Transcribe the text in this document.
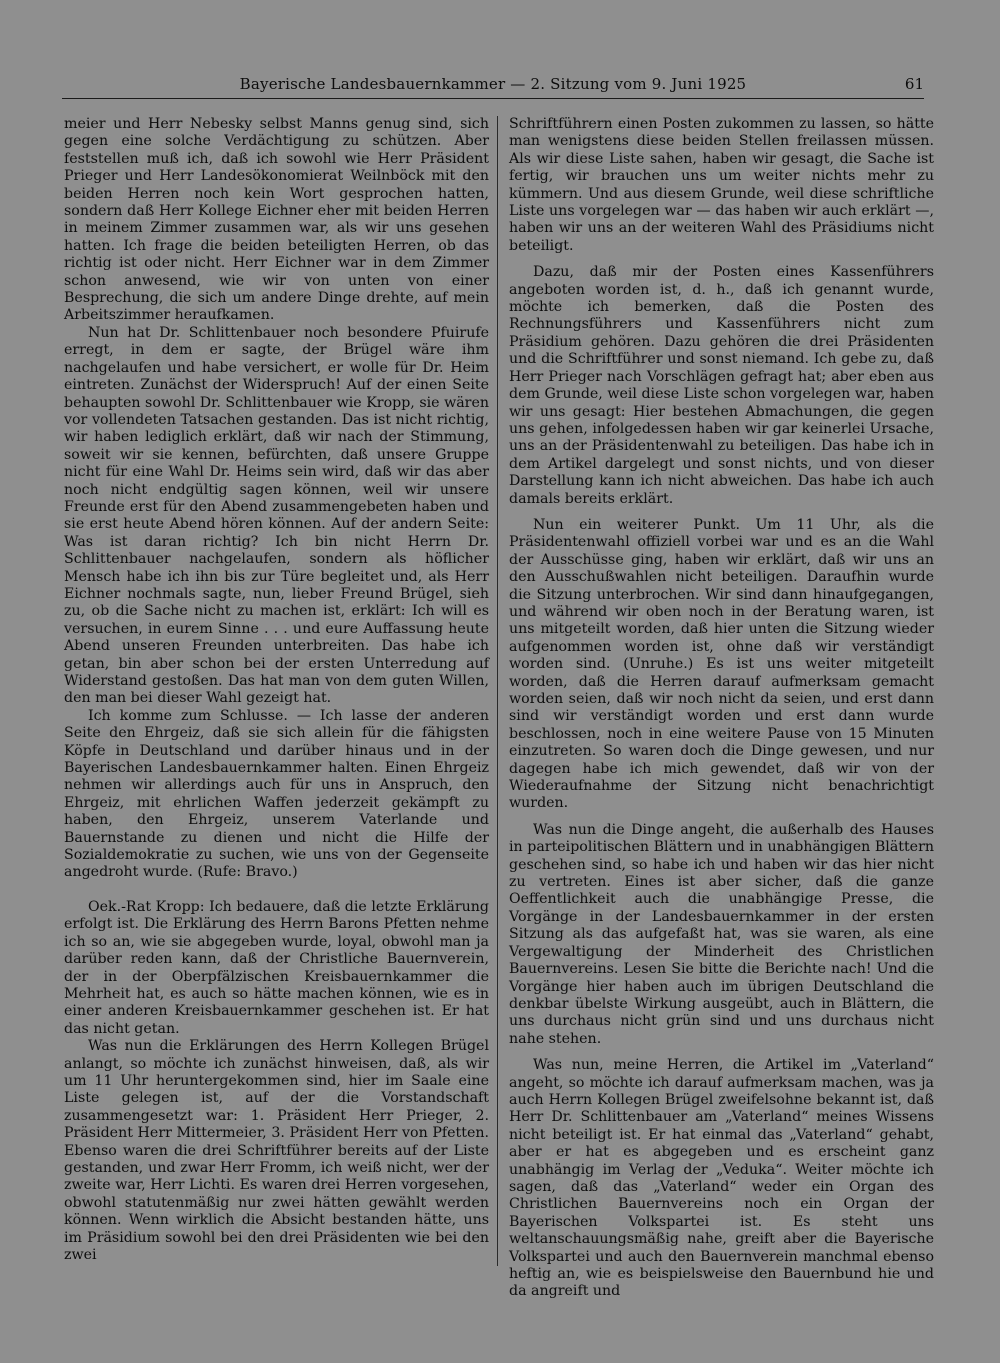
Bayerische Landesbauernkammer — 2. Sitzung vom 9. Juni 1925	61

meier und Herr Nebesky selbst Manns genug sind, sich gegen eine solche Verdächtigung zu schützen. Aber feststellen muß ich, daß ich sowohl wie Herr Präsident Prieger und Herr Landesökonomierat Weilnböck mit den beiden Herren noch kein Wort gesprochen hatten, sondern daß Herr Kollege Eichner eher mit beiden Herren in meinem Zimmer zusammen war, als wir uns gesehen hatten. Ich frage die beiden beteiligten Herren, ob das richtig ist oder nicht. Herr Eichner war in dem Zimmer schon anwesend, wie wir von unten von einer Besprechung, die sich um andere Dinge drehte, auf mein Arbeitszimmer heraufkamen.

Nun hat Dr. Schlittenbauer noch besondere Pfuirufe erregt, in dem er sagte, der Brügel wäre ihm nachgelaufen und habe versichert, er wolle für Dr. Heim eintreten. Zunächst der Widerspruch! Auf der einen Seite behaupten sowohl Dr. Schlittenbauer wie Kropp, sie wären vor vollendeten Tatsachen gestanden. Das ist nicht richtig, wir haben lediglich erklärt, daß wir nach der Stimmung, soweit wir sie kennen, befürchten, daß unsere Gruppe nicht für eine Wahl Dr. Heims sein wird, daß wir das aber noch nicht endgültig sagen können, weil wir unsere Freunde erst für den Abend zusammengebeten haben und sie erst heute Abend hören können. Auf der andern Seite: Was ist daran richtig? Ich bin nicht Herrn Dr. Schlittenbauer nachgelaufen, sondern als höflicher Mensch habe ich ihn bis zur Türe begleitet und, als Herr Eichner nochmals sagte, nun, lieber Freund Brügel, sieh zu, ob die Sache nicht zu machen ist, erklärt: Ich will es versuchen, in eurem Sinne . . . und eure Auffassung heute Abend unseren Freunden unterbreiten. Das habe ich getan, bin aber schon bei der ersten Unterredung auf Widerstand gestoßen. Das hat man von dem guten Willen, den man bei dieser Wahl gezeigt hat.

Ich komme zum Schlusse. — Ich lasse der anderen Seite den Ehrgeiz, daß sie sich allein für die fähigsten Köpfe in Deutschland und darüber hinaus und in der Bayerischen Landesbauernkammer halten. Einen Ehrgeiz nehmen wir allerdings auch für uns in Anspruch, den Ehrgeiz, mit ehrlichen Waffen jederzeit gekämpft zu haben, den Ehrgeiz, unserem Vaterlande und Bauernstande zu dienen und nicht die Hilfe der Sozialdemokratie zu suchen, wie uns von der Gegenseite angedroht wurde. (Rufe: Bravo.)

Oek.-Rat Kropp: Ich bedauere, daß die letzte Erklärung erfolgt ist. Die Erklärung des Herrn Barons Pfetten nehme ich so an, wie sie abgegeben wurde, loyal, obwohl man ja darüber reden kann, daß der Christliche Bauernverein, der in der Oberpfälzischen Kreisbauernkammer die Mehrheit hat, es auch so hätte machen können, wie es in einer anderen Kreisbauernkammer geschehen ist. Er hat das nicht getan.

Was nun die Erklärungen des Herrn Kollegen Brügel anlangt, so möchte ich zunächst hinweisen, daß, als wir um 11 Uhr heruntergekommen sind, hier im Saale eine Liste gelegen ist, auf der die Vorstandschaft zusammengesetzt war: 1. Präsident Herr Prieger, 2. Präsident Herr Mittermeier, 3. Präsident Herr von Pfetten. Ebenso waren die drei Schriftführer bereits auf der Liste gestanden, und zwar Herr Fromm, ich weiß nicht, wer der zweite war, Herr Lichti. Es waren drei Herren vorgesehen, obwohl statutenmäßig nur zwei hätten gewählt werden können. Wenn wirklich die Absicht bestanden hätte, uns im Präsidium sowohl bei den drei Präsidenten wie bei den zwei

Schriftführern einen Posten zukommen zu lassen, so hätte man wenigstens diese beiden Stellen freilassen müssen. Als wir diese Liste sahen, haben wir gesagt, die Sache ist fertig, wir brauchen uns um weiter nichts mehr zu kümmern. Und aus diesem Grunde, weil diese schriftliche Liste uns vorgelegen war — das haben wir auch erklärt —, haben wir uns an der weiteren Wahl des Präsidiums nicht beteiligt.

Dazu, daß mir der Posten eines Kassenführers angeboten worden ist, d. h., daß ich genannt wurde, möchte ich bemerken, daß die Posten des Rechnungsführers und Kassenführers nicht zum Präsidium gehören. Dazu gehören die drei Präsidenten und die Schriftführer und sonst niemand. Ich gebe zu, daß Herr Prieger nach Vorschlägen gefragt hat; aber eben aus dem Grunde, weil diese Liste schon vorgelegen war, haben wir uns gesagt: Hier bestehen Abmachungen, die gegen uns gehen, infolgedessen haben wir gar keinerlei Ursache, uns an der Präsidentenwahl zu beteiligen. Das habe ich in dem Artikel dargelegt und sonst nichts, und von dieser Darstellung kann ich nicht abweichen. Das habe ich auch damals bereits erklärt.

Nun ein weiterer Punkt. Um 11 Uhr, als die Präsidentenwahl offiziell vorbei war und es an die Wahl der Ausschüsse ging, haben wir erklärt, daß wir uns an den Ausschußwahlen nicht beteiligen. Daraufhin wurde die Sitzung unterbrochen. Wir sind dann hinaufgegangen, und während wir oben noch in der Beratung waren, ist uns mitgeteilt worden, daß hier unten die Sitzung wieder aufgenommen worden ist, ohne daß wir verständigt worden sind. (Unruhe.) Es ist uns weiter mitgeteilt worden, daß die Herren darauf aufmerksam gemacht worden seien, daß wir noch nicht da seien, und erst dann sind wir verständigt worden und erst dann wurde beschlossen, noch in eine weitere Pause von 15 Minuten einzutreten. So waren doch die Dinge gewesen, und nur dagegen habe ich mich gewendet, daß wir von der Wiederaufnahme der Sitzung nicht benachrichtigt wurden.

Was nun die Dinge angeht, die außerhalb des Hauses in parteipolitischen Blättern und in unabhängigen Blättern geschehen sind, so habe ich und haben wir das hier nicht zu vertreten. Eines ist aber sicher, daß die ganze Oeffentlichkeit auch die unabhängige Presse, die Vorgänge in der Landesbauernkammer in der ersten Sitzung als das aufgefaßt hat, was sie waren, als eine Vergewaltigung der Minderheit des Christlichen Bauernvereins. Lesen Sie bitte die Berichte nach! Und die Vorgänge hier haben auch im übrigen Deutschland die denkbar übelste Wirkung ausgeübt, auch in Blättern, die uns durchaus nicht grün sind und uns durchaus nicht nahe stehen.

Was nun, meine Herren, die Artikel im „Vaterland“ angeht, so möchte ich darauf aufmerksam machen, was ja auch Herrn Kollegen Brügel zweifelsohne bekannt ist, daß Herr Dr. Schlittenbauer am „Vaterland“ meines Wissens nicht beteiligt ist. Er hat einmal das „Vaterland“ gehabt, aber er hat es abgegeben und es erscheint ganz unabhängig im Verlag der „Veduka“. Weiter möchte ich sagen, daß das „Vaterland“ weder ein Organ des Christlichen Bauernvereins noch ein Organ der Bayerischen Volkspartei ist. Es steht uns weltanschauungsmäßig nahe, greift aber die Bayerische Volkspartei und auch den Bauernverein manchmal ebenso heftig an, wie es beispielsweise den Bauernbund hie und da angreift und
